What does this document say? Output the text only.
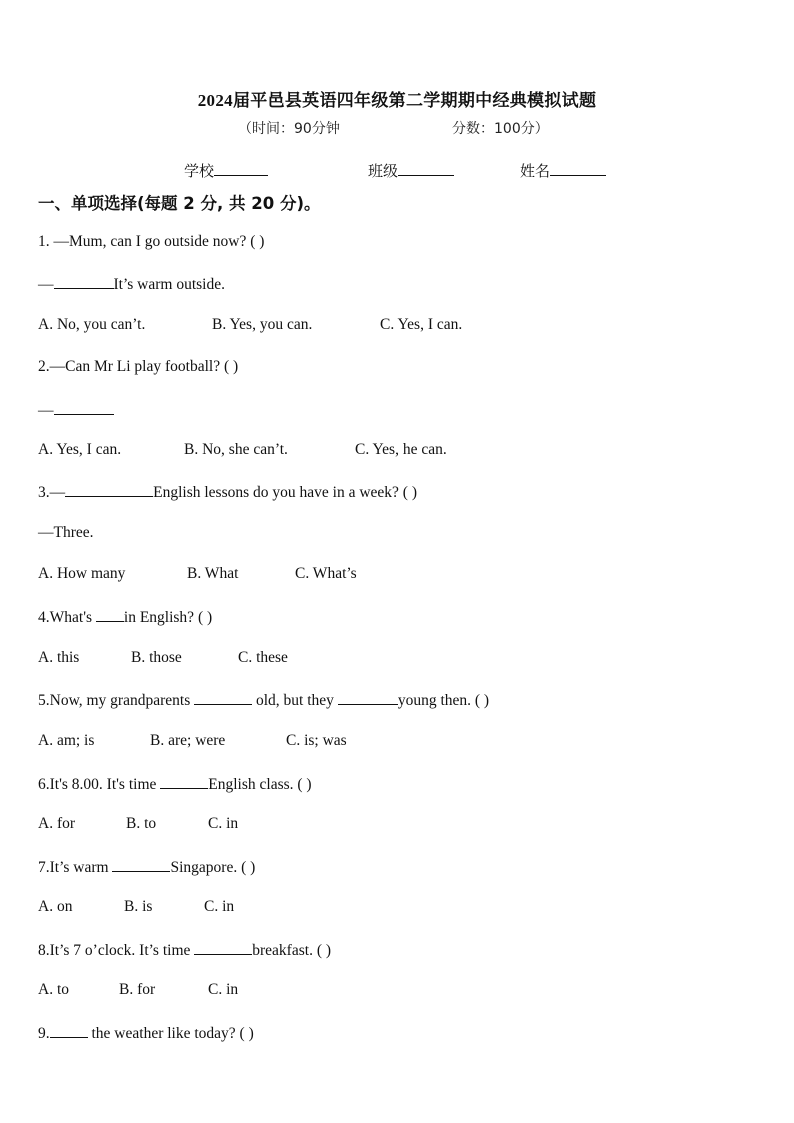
2024届平邑县英语四年级第二学期期中经典模拟试题
（时间：90分钟	分数：100分）
学校	班级	姓名
一、单项选择(每题 2 分, 共 20 分)。
1. —Mum, can I go outside now? ( )
—	It’s warm outside.
A. No, you can’t.	B. Yes, you can.	C. Yes, I can.
2.—Can Mr Li play football? ( )
—
A. Yes, I can.	B. No, she can’t.	C. Yes, he can.
3.—	English lessons do you have in a week? ( )
—Three.
A. How many	B. What	C. What’s
4.What's in English? ( )
A. this	B. those	C. these
5.Now, my grandparents	old, but they	young then. ( )
A. am; is	B. are; were	C. is; was
6.It's 8.00. It's time	English class. ( )
A. for	B. to	C. in
7.It’s warm	Singapore. ( )
A. on	B. is	C. in
8.It’s 7 o’clock. It’s time	breakfast. ( )
A. to	B. for	C. in
9. the weather like today? ( )
